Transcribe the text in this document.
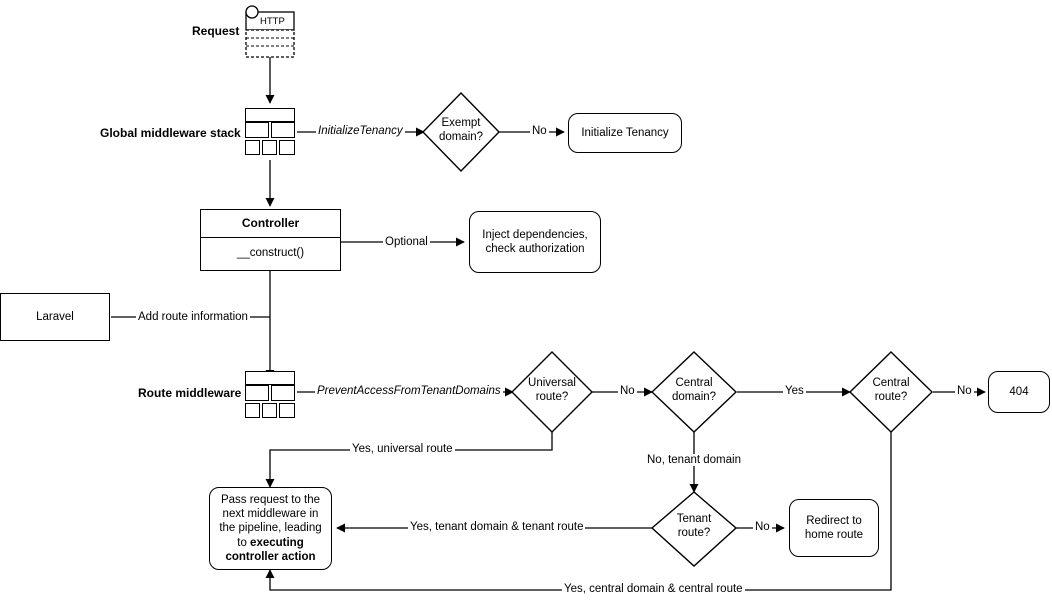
HTTP
Request
Global middleware stack	InitializeTenancy
Exempt
domain?
No	Initialize Tenancy
Controller
__construct()
Optional
Inject dependencies,
check authorization
Laravel	Add route information
Route middleware	PreventAccessFromTenantDomains
Universal
route?
No
Central
domain?
Yes
Central
route?
No	404
Yes, universal route
No, tenant domain
Tenant
route?
No
Redirect to
home route
Yes, tenant domain & tenant route
Pass request to the
next middleware in
the pipeline, leading
to executing
controller action
Yes, central domain & central route
